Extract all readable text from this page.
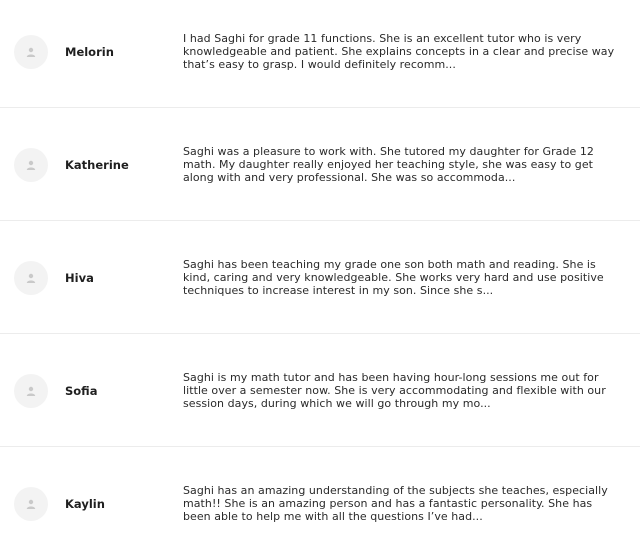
Melorin
I had Saghi for grade 11 functions. She is an excellent tutor who is very knowledgeable and patient. She explains concepts in a clear and precise way that’s easy to grasp. I would definitely recomm...
Katherine
Saghi was a pleasure to work with. She tutored my daughter for Grade 12 math. My daughter really enjoyed her teaching style, she was easy to get along with and very professional. She was so accommoda...
Hiva
Saghi has been teaching my grade one son both math and reading. She is kind, caring and very knowledgeable. She works very hard and use positive techniques to increase interest in my son. Since she s...
Sofia
Saghi is my math tutor and has been having hour-long sessions me out for little over a semester now. She is very accommodating and flexible with our session days, during which we will go through my mo...
Kaylin
Saghi has an amazing understanding of the subjects she teaches, especially math!! She is an amazing person and has a fantastic personality. She has been able to help me with all the questions I’ve had...
